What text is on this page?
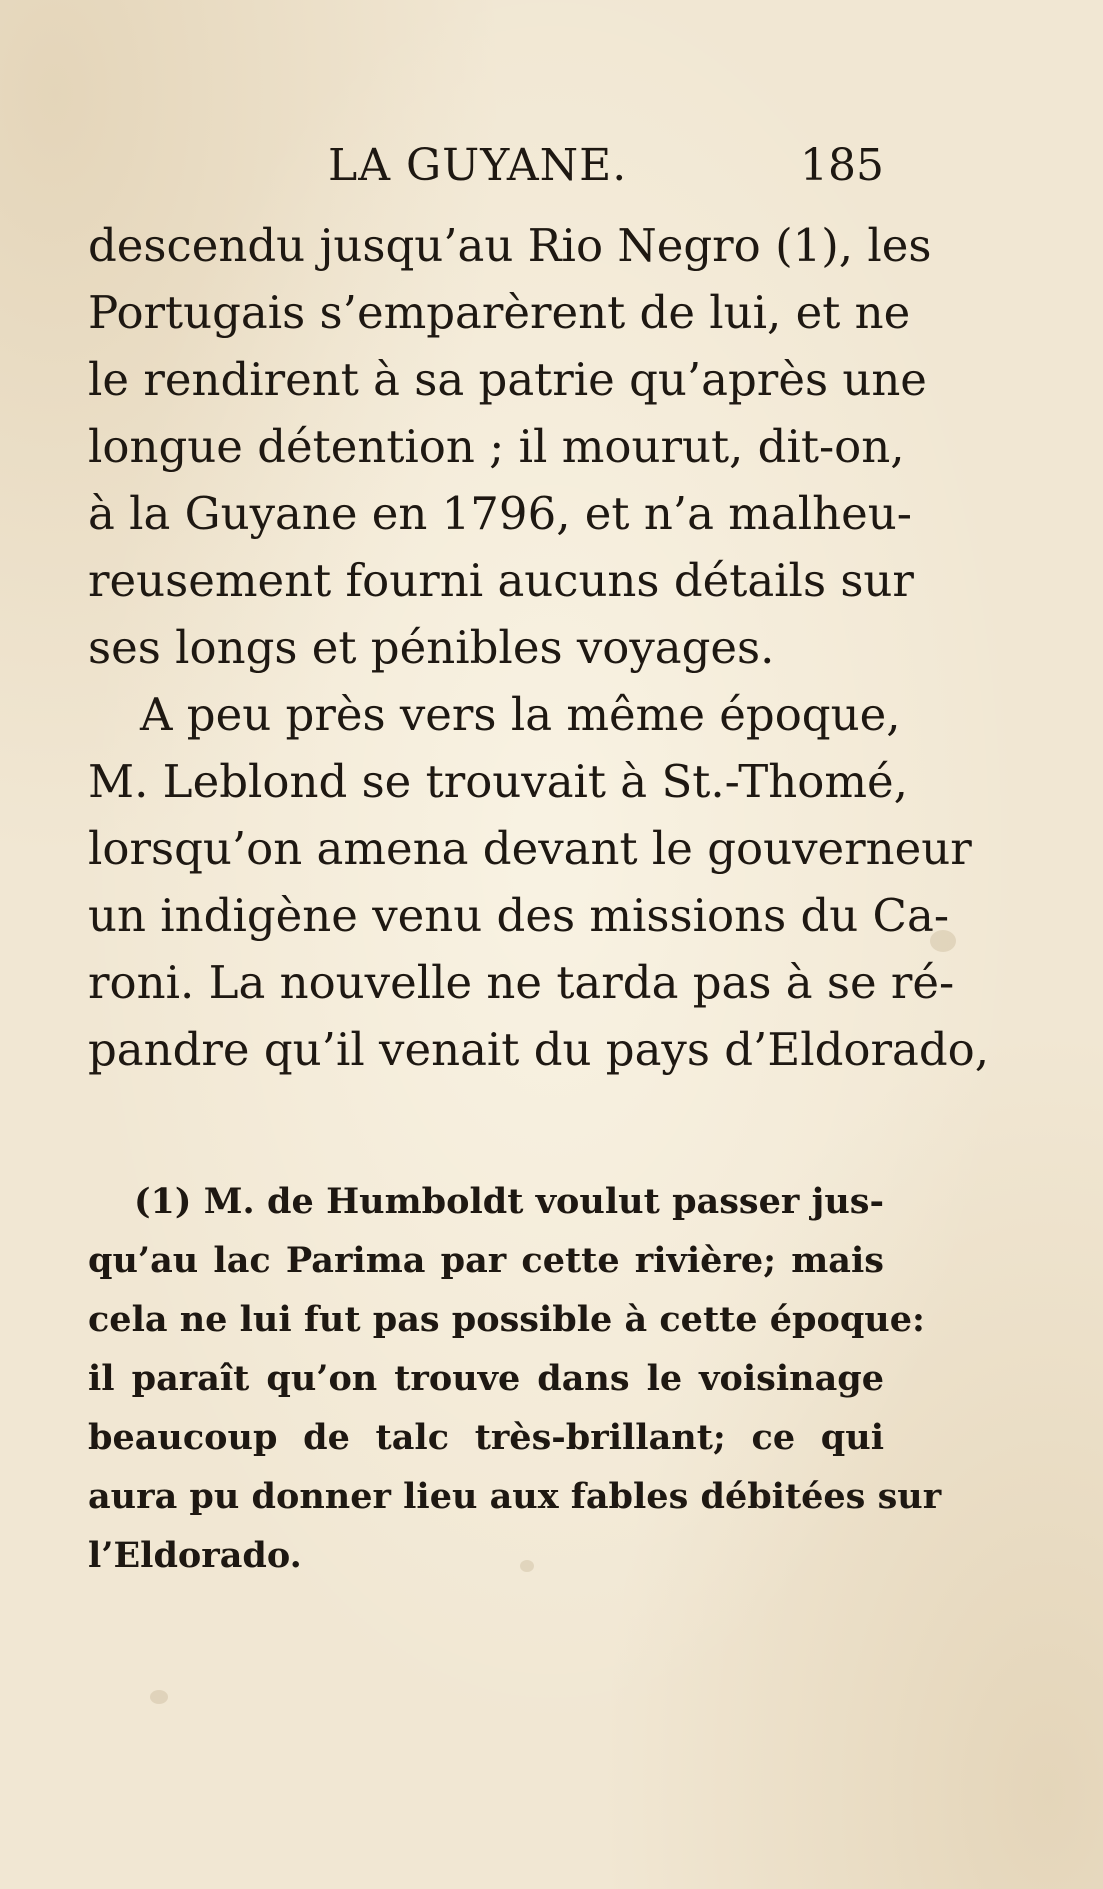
LA GUYANE.	185
descendu jusqu’au Rio Negro (1), les
Portugais s’emparèrent de lui, et ne
le rendirent à sa patrie qu’après une
longue détention ; il mourut, dit-on,
à la Guyane en 1796, et n’a malheu-
reusement fourni aucuns détails sur
ses longs et pénibles voyages.
A peu près vers la même époque,
M. Leblond se trouvait à St.-Thomé,
lorsqu’on amena devant le gouverneur
un indigène venu des missions du Ca-
roni. La nouvelle ne tarda pas à se ré-
pandre qu’il venait du pays d’Eldorado,
(1) M. de Humboldt voulut passer jus-
qu’au lac Parima par cette rivière; mais
cela ne lui fut pas possible à cette époque:
il paraît qu’on trouve dans le voisinage
beaucoup de talc très-brillant; ce qui
aura pu donner lieu aux fables débitées sur
l’Eldorado.
